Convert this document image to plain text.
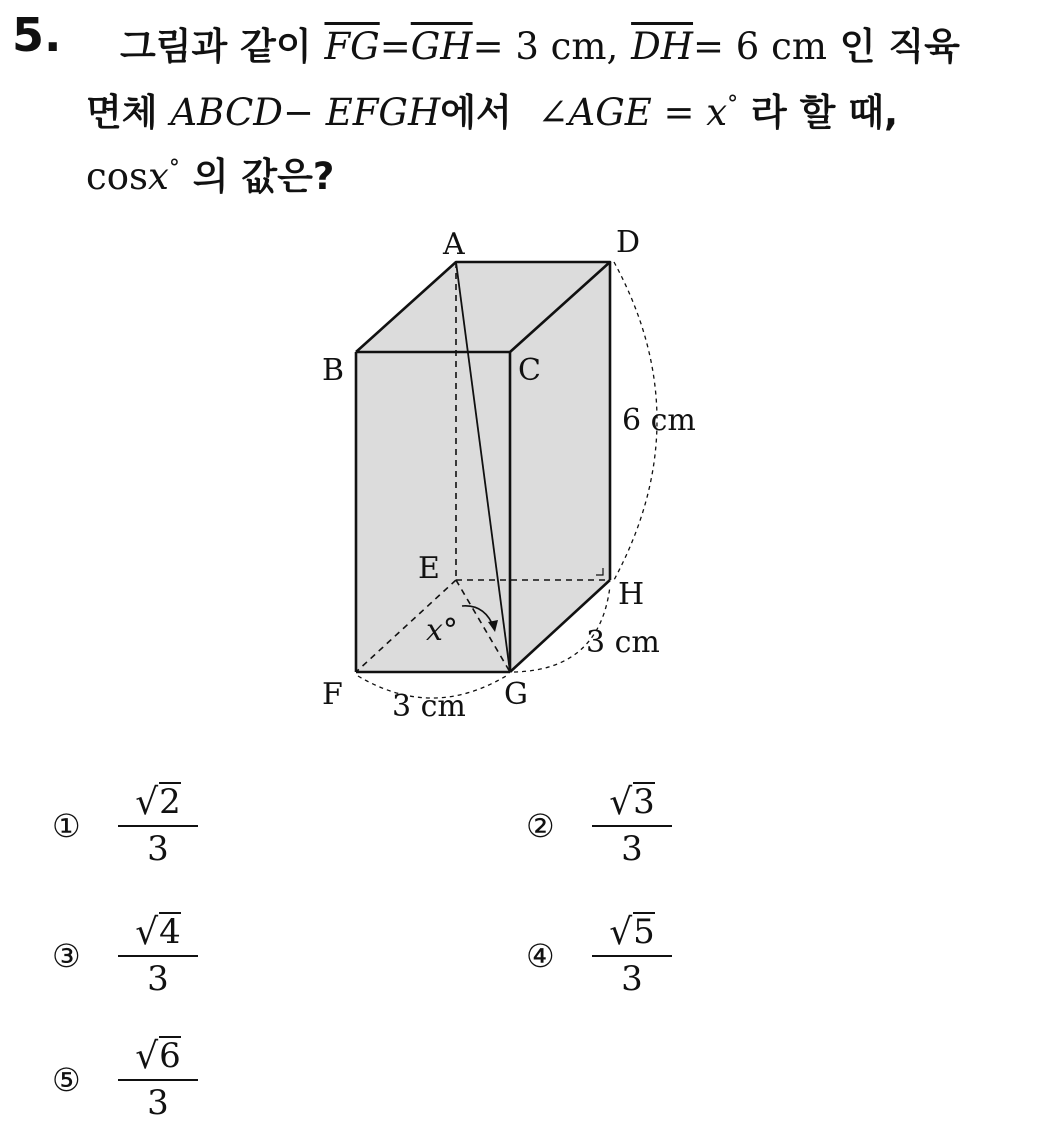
5. 그림과 같이 $\overline{FG}=\overline{GH}= 3$ cm, $\overline{DH}= 6$ cm 인 직육
면체 ABCD− EFGH에서 ∠AGE = x° 라 할 때,
cosx° 의 값은?
A	D
B	C
E
H
F	G
x°
6 cm
3 cm
3 cm
①	$\frac{√ 2}{3}$	②	$\frac{√ 3}{3}$
③	$\frac{√ 4}{3}$	④	$\frac{√ 5}{3}$
⑤	$\frac{√ 6}{3}$
